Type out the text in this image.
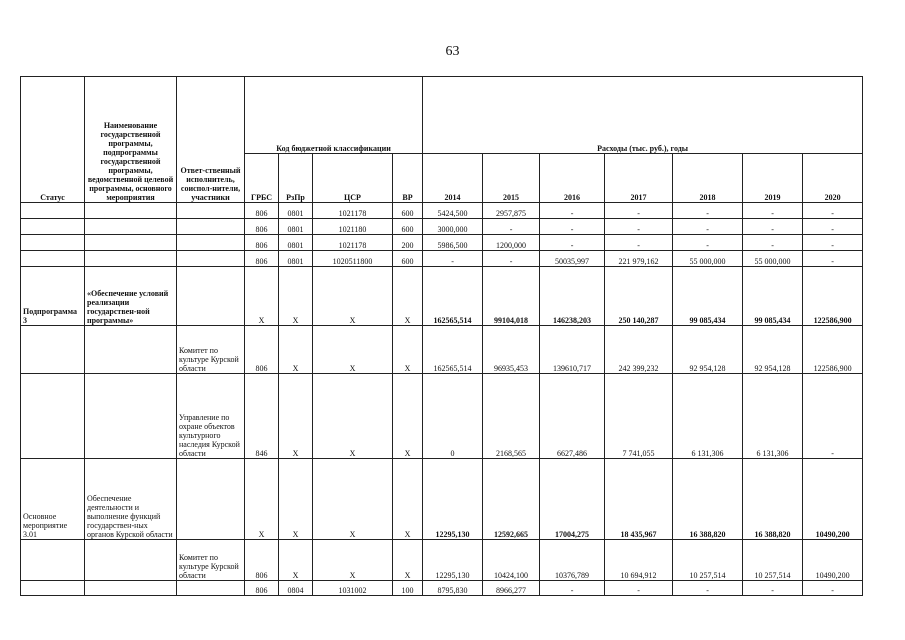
63
Статус	Наименование государственной программы, подпрограммы государственной программы, ведомственной целевой программы, основного мероприятия	Ответ-ственный исполнитель, соиспол-нители, участники	Код бюджетной классификации				Расходы (тыс. руб.), годы						
			ГРБС	РзПр	ЦСР	ВР	2014	2015	2016	2017	2018	2019	2020
			806	0801	1021178	600	5424,500	2957,875	-	-	-	-	-
			806	0801	1021180	600	3000,000	-	-	-	-	-	-
			806	0801	1021178	200	5986,500	1200,000	-	-	-	-	-
			806	0801	1020511800	600	-	-	50035,997	221 979,162	55 000,000	55 000,000	-
Подпрограмма 3	«Обеспечение условий реализации государствен-ной программы»		X	X	X	X	162565,514	99104,018	146238,203	250 140,287	99 085,434	99 085,434	122586,900
		Комитет по культуре Курской области	806	X	X	X	162565,514	96935,453	139610,717	242 399,232	92 954,128	92 954,128	122586,900
		Управление по охране объектов культурного наследия Курской области	846	X	X	X	0	2168,565	6627,486	7 741,055	6 131,306	6 131,306	-
Основное мероприятие 3.01	Обеспечение деятельности и выполнение функций государствен-ных органов Курской области		X	X	X	X	12295,130	12592,665	17004,275	18 435,967	16 388,820	16 388,820	10490,200
		Комитет по культуре Курской области	806	X	X	X	12295,130	10424,100	10376,789	10 694,912	10 257,514	10 257,514	10490,200
			806	0804	1031002	100	8795,830	8966,277	-	-	-	-	-
